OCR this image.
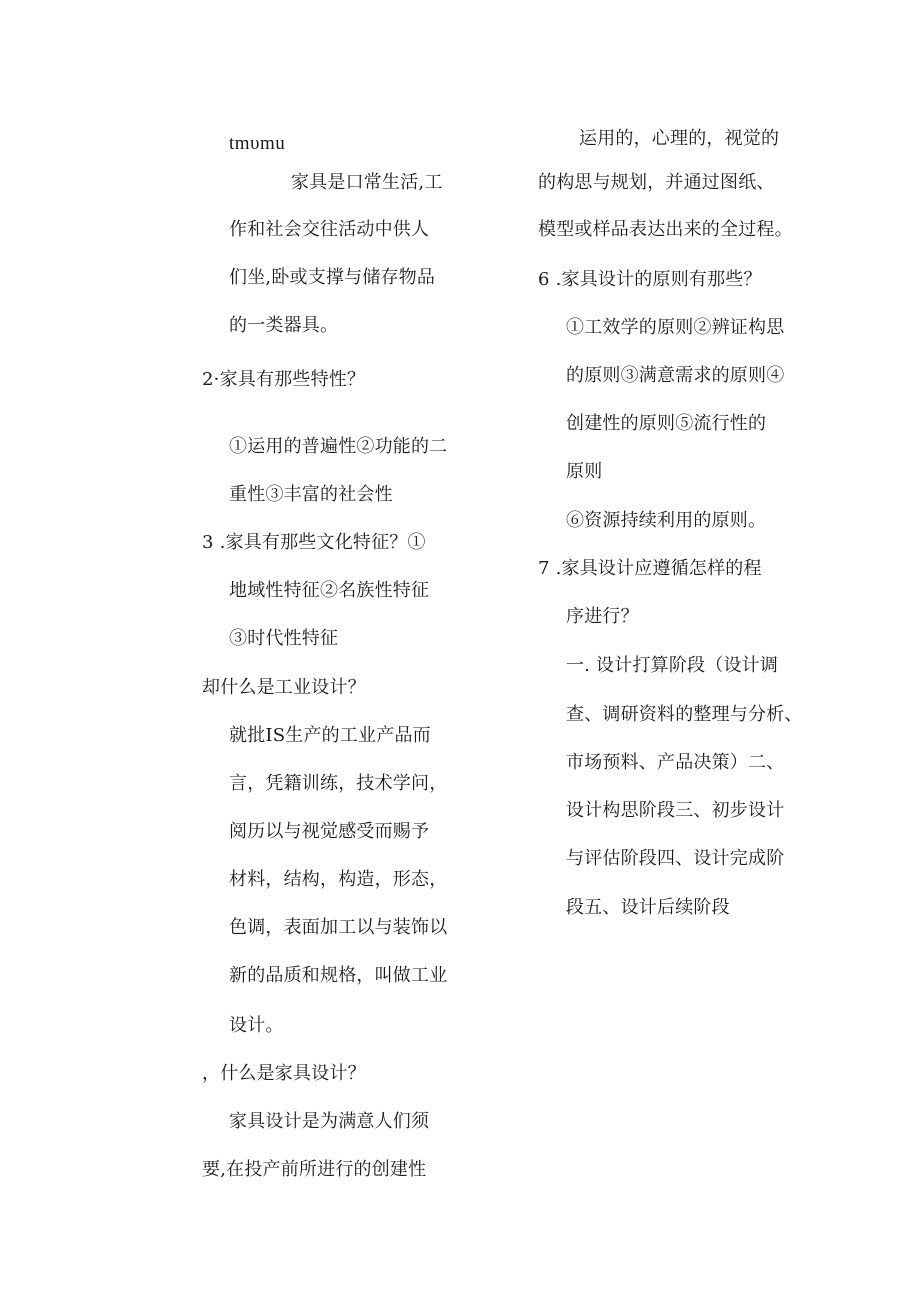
tmυmu
家具是口常生活,工
作和社会交往活动中供人
们坐,卧或支撑与储存物品
的一类器具。
2·家具有那些特性？
①运用的普遍性②功能的二
重性③丰富的社会性
3 .家具有那些文化特征？①
地域性特征②名族性特征
③时代性特征
却什么是工业设计？
就批IS生产的工业产品而
言，凭籍训练，技术学问，
阅历以与视觉感受而赐予
材料，结构，构造，形态，
色调，表面加工以与装饰以
新的品质和规格，叫做工业
设计。
，什么是家具设计？
家具设计是为满意人们须
要,在投产前所进行的创建性
运用的，心理的，视觉的
的构思与规划，并通过图纸、
模型或样品表达出来的全过程。
6 .家具设计的原则有那些？
①工效学的原则②辨证构思
的原则③满意需求的原则④
创建性的原则⑤流行性的
原则
⑥资源持续利用的原则。
7 .家具设计应遵循怎样的程
序进行？
一. 设计打算阶段（设计调
查、调研资料的整理与分析、
市场预料、产品决策）二、
设计构思阶段三、初步设计
与评估阶段四、设计完成阶
段五、设计后续阶段
